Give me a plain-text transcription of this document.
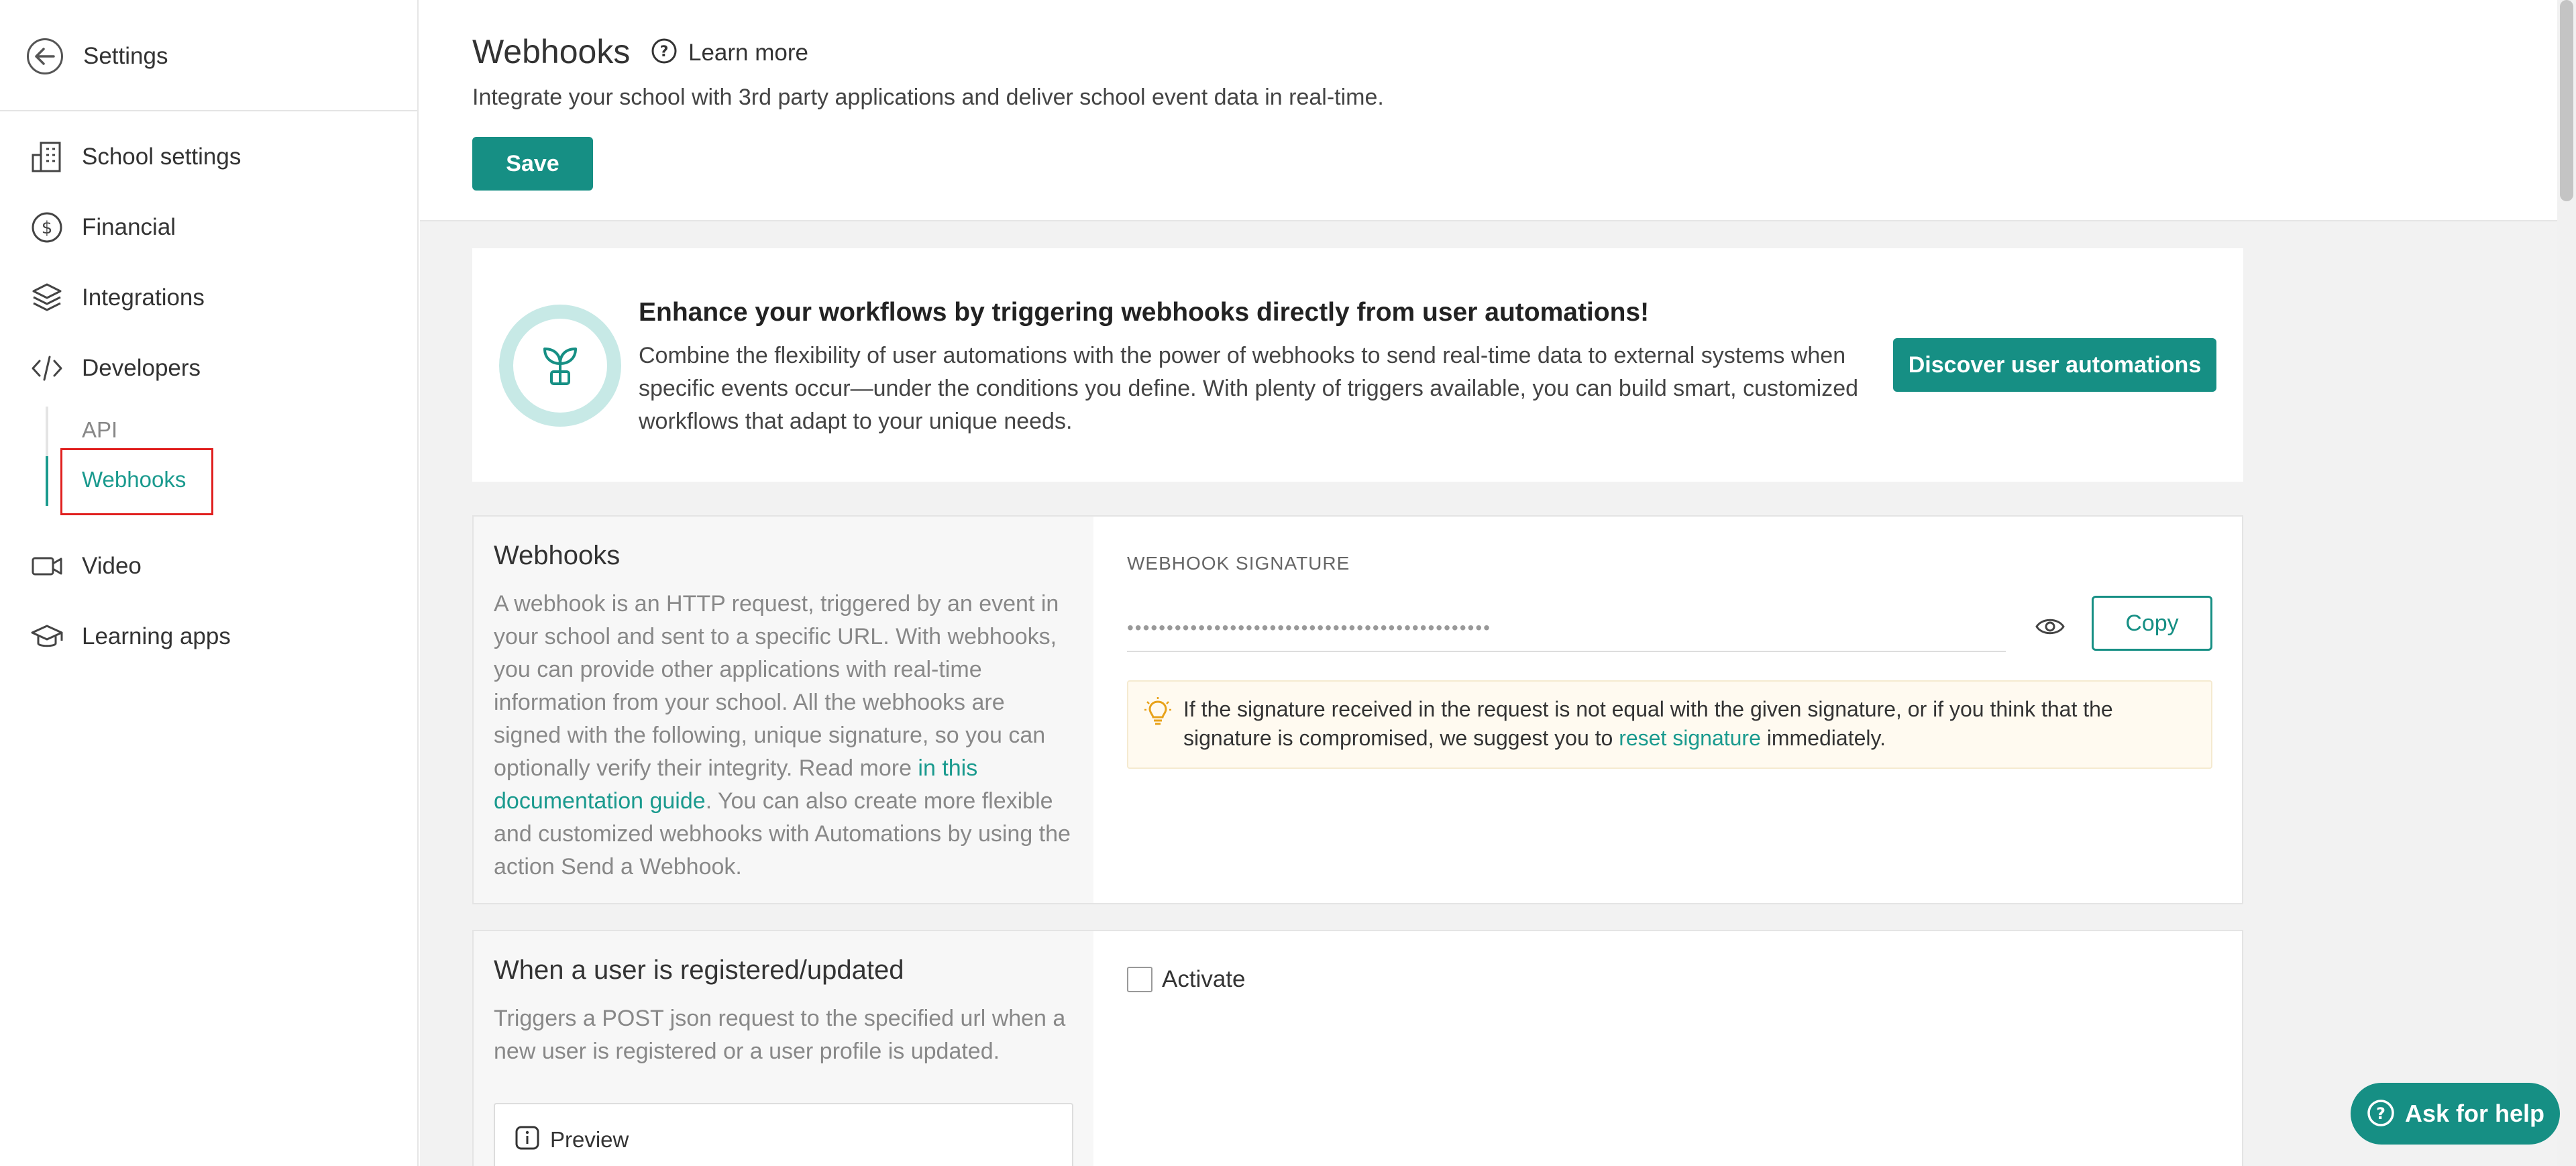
Settings
School settings
$ Financial
Integrations
Developers
API
Webhooks
Video
Learning apps
Webhooks ? Learn more

Integrate your school with 3rd party applications and deliver school event data in real-time.

Save
Enhance your workflows by triggering webhooks directly from user automations!
Combine the flexibility of user automations with the power of webhooks to send real-time data to external systems when specific events occur—under the conditions you define. With plenty of triggers available, you can build smart, customized workflows that adapt to your unique needs.
Discover user automations
Webhooks
A webhook is an HTTP request, triggered by an event in your school and sent to a specific URL. With webhooks, you can provide other applications with real-time information from your school. All the webhooks are signed with the following, unique signature, so you can optionally verify their integrity. Read more in this documentation guide. You can also create more flexible and customized webhooks with Automations by using the action Send a Webhook.
WEBHOOK SIGNATURE
••••••••••••••••••••••••••••••••••••••••••••••	Copy
If the signature received in the request is not equal with the given signature, or if you think that the signature is compromised, we suggest you to reset signature immediately.
When a user is registered/updated
Triggers a POST json request to the specified url when a new user is registered or a user profile is updated.
Preview
Activate
? Ask for help
